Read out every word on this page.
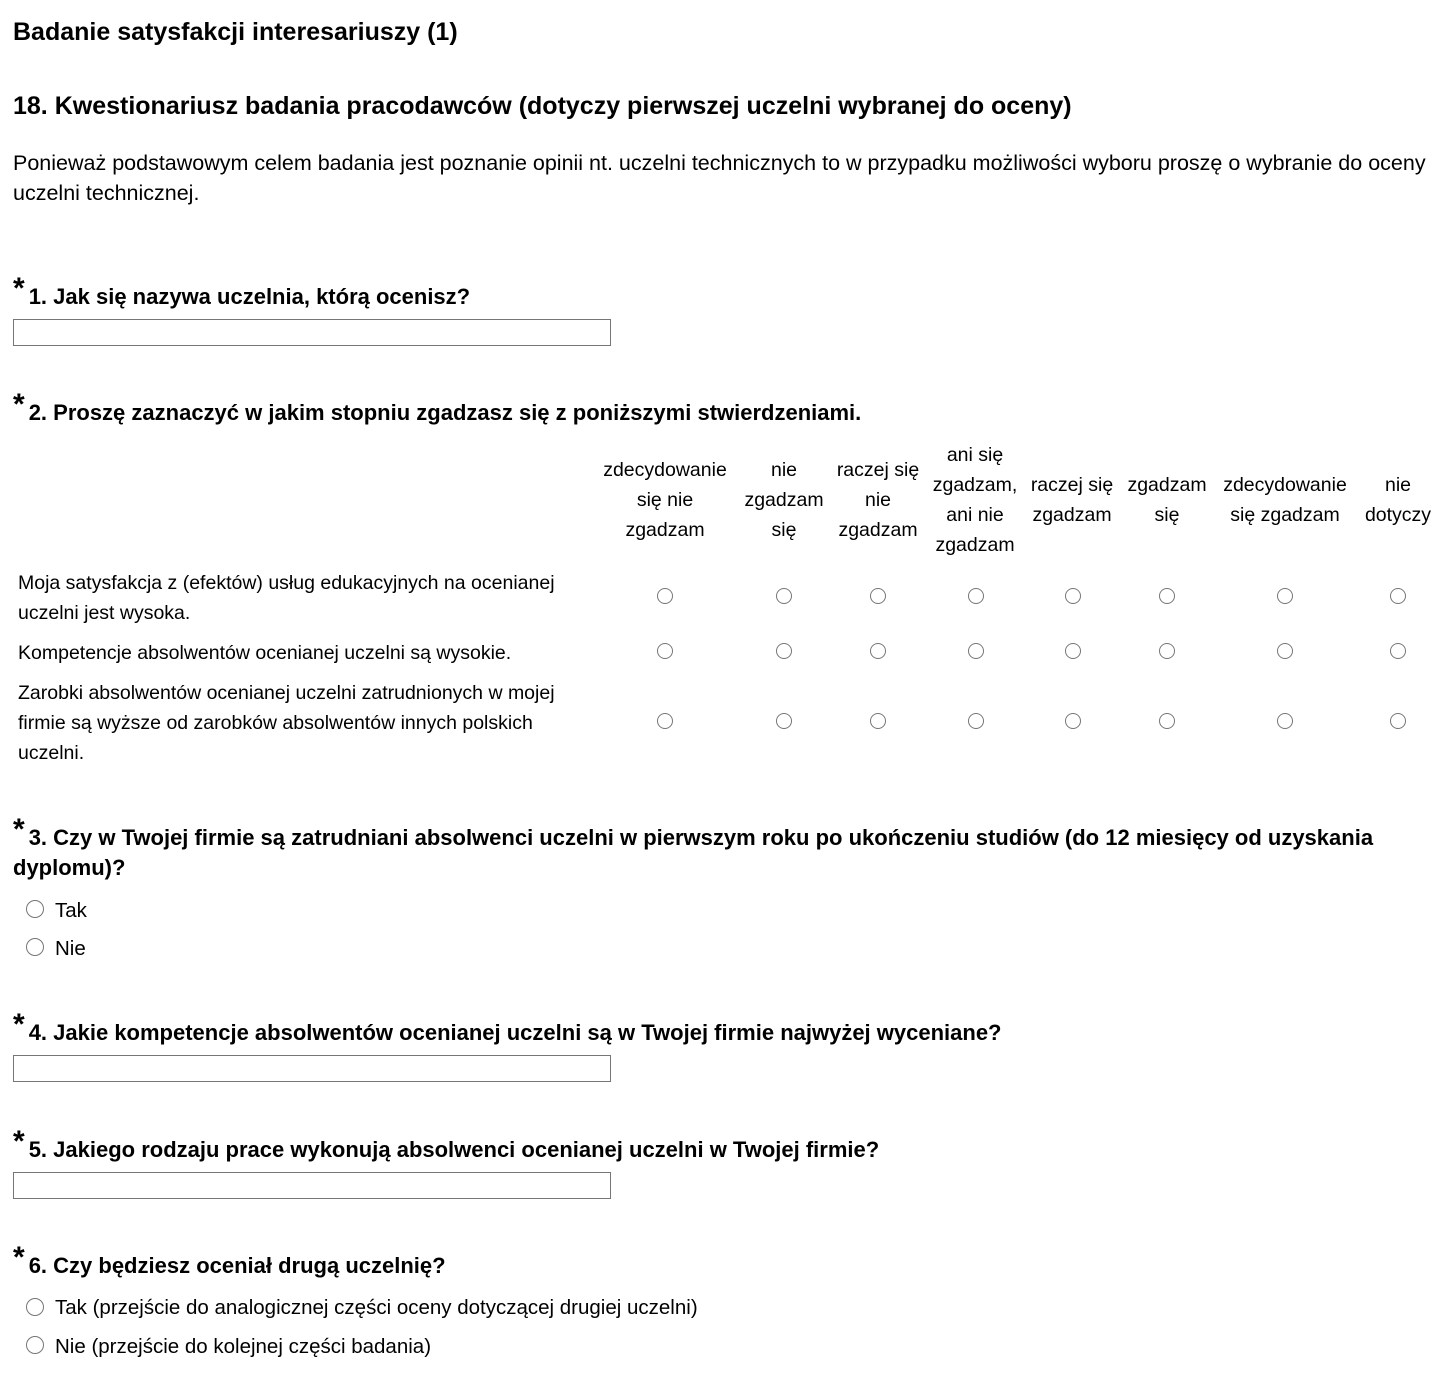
Badanie satysfakcji interesariuszy (1)
18. Kwestionariusz badania pracodawców (dotyczy pierwszej uczelni wybranej do oceny)
Ponieważ podstawowym celem badania jest poznanie opinii nt. uczelni technicznych to w przypadku możliwości wyboru proszę o wybranie do oceny uczelni technicznej.
* 1. Jak się nazywa uczelnia, którą ocenisz?
* 2. Proszę zaznaczyć w jakim stopniu zgadzasz się z poniższymi stwierdzeniami.
zdecydowanie się nie zgadzam
nie zgadzam się
raczej się nie zgadzam
ani się zgadzam, ani nie zgadzam
raczej się zgadzam
zgadzam się
zdecydowanie się zgadzam
nie dotyczy
Moja satysfakcja z (efektów) usług edukacyjnych na ocenianej uczelni jest wysoka.
Kompetencje absolwentów ocenianej uczelni są wysokie.
Zarobki absolwentów ocenianej uczelni zatrudnionych w mojej firmie są wyższe od zarobków absolwentów innych polskich uczelni.
* 3. Czy w Twojej firmie są zatrudniani absolwenci uczelni w pierwszym roku po ukończeniu studiów (do 12 miesięcy od uzyskania dyplomu)?
Tak
Nie
* 4. Jakie kompetencje absolwentów ocenianej uczelni są w Twojej firmie najwyżej wyceniane?
* 5. Jakiego rodzaju prace wykonują absolwenci ocenianej uczelni w Twojej firmie?
* 6. Czy będziesz oceniał drugą uczelnię?
Tak (przejście do analogicznej części oceny dotyczącej drugiej uczelni)
Nie (przejście do kolejnej części badania)
